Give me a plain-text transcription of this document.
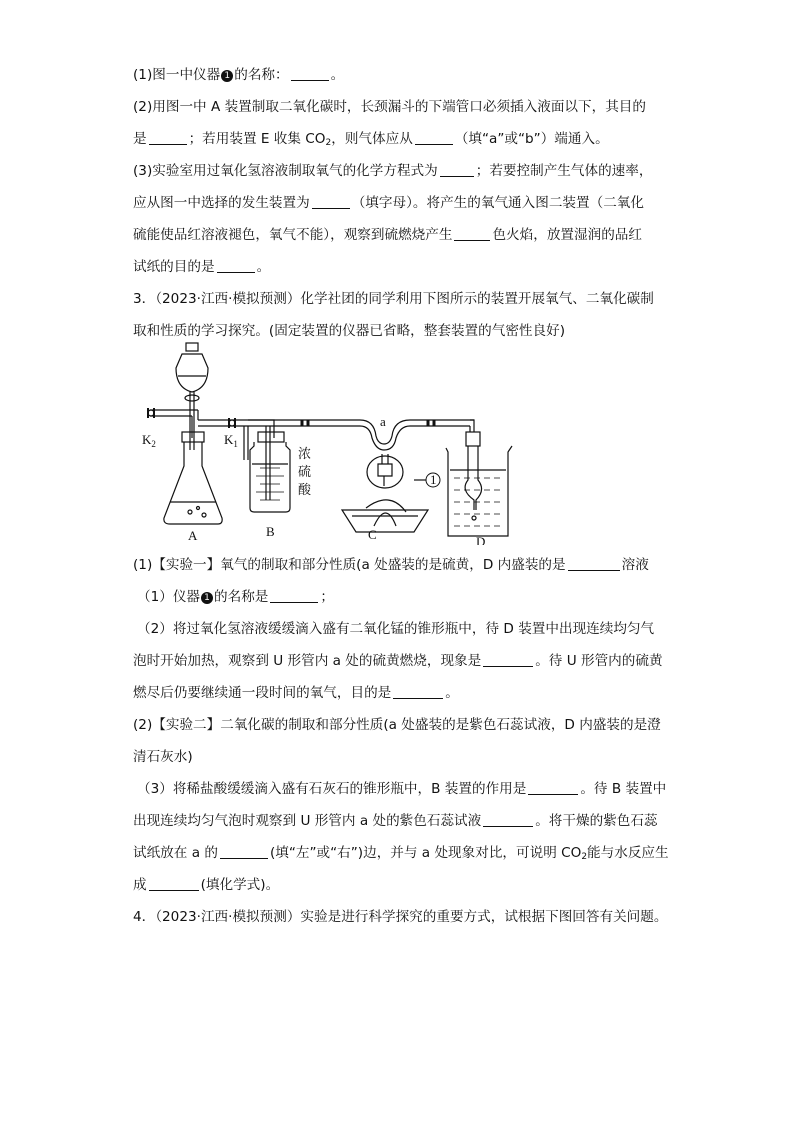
(1)图一中仪器 1 的名称：	。
(2)用图一中 A 装置制取二氧化碳时，长颈漏斗的下端管口必须插入液面以下，其目的
是	；若用装置 E 收集 $CO_2$，则气体应从	（填“a”或“b”）端通入。
(3)实验室用过氧化氢溶液制取氧气的化学方程式为	；若要控制产生气体的速率，
应从图一中选择的发生装置为	（填字母）。将产生的氧气通入图二装置（二氧化
硫能使品红溶液褪色，氧气不能），观察到硫燃烧产生	色火焰，放置湿润的品红
试纸的目的是	。
3．（2023·江西·模拟预测）化学社团的同学利用下图所示的装置开展氧气、二氧化碳制
取和性质的学习探究。(固定装置的仪器已省略，整套装置的气密性良好)
$K_2$	$K_1$
a
浓
硫
酸
1
A	B	C	D
(1)【实验一】氧气的制取和部分性质(a 处盛装的是硫黄，D 内盛装的是	溶液
（1）仪器 1 的名称是	；
（2）将过氧化氢溶液缓缓滴入盛有二氧化锰的锥形瓶中，待 D 装置中出现连续均匀气
泡时开始加热，观察到 U 形管内 a 处的硫黄燃烧，现象是	。待 U 形管内的硫黄
燃尽后仍要继续通一段时间的氧气，目的是	。
(2)【实验二】二氧化碳的制取和部分性质(a 处盛装的是紫色石蕊试液，D 内盛装的是澄
清石灰水)
（3）将稀盐酸缓缓滴入盛有石灰石的锥形瓶中，B 装置的作用是	。待 B 装置中
出现连续均匀气泡时观察到 U 形管内 a 处的紫色石蕊试液	。将干燥的紫色石蕊
试纸放在 a 的	(填“左”或“右”)边，并与 a 处现象对比，可说明 $CO_2$能与水反应生
成	(填化学式)。
4．（2023·江西·模拟预测）实验是进行科学探究的重要方式，试根据下图回答有关问题。
